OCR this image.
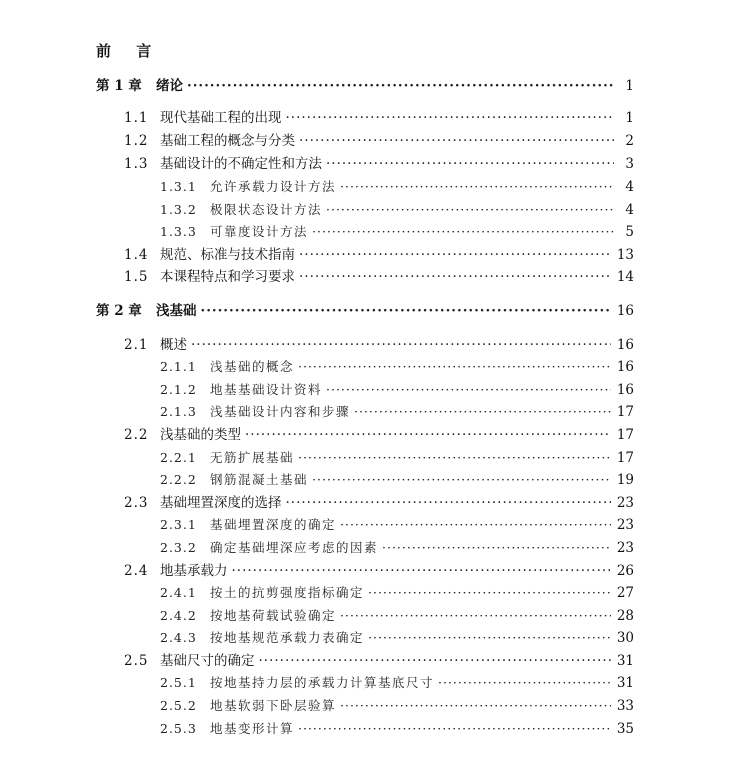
前 言
第 1 章	绪论 ·····	1
1.1 现代基础工程的出现 ·····	1
1.2 基础工程的概念与分类 ·····	2
1.3 基础设计的不确定性和方法 ·····	3
1.3.1	允许承载力设计方法 ·····	4
1.3.2	极限状态设计方法 ·····	4
1.3.3	可靠度设计方法 ·····	5
1.4 规范、标准与技术指南 ·····	13
1.5 本课程特点和学习要求 ·····	14
第 2 章	浅基础 ·····	16
2.1 概述 ·····	16
2.1.1	浅基础的概念 ·····	16
2.1.2	地基基础设计资料 ·····	16
2.1.3	浅基础设计内容和步骤 ·····	17
2.2 浅基础的类型 ·····	17
2.2.1	无筋扩展基础 ·····	17
2.2.2	钢筋混凝土基础 ·····	19
2.3 基础埋置深度的选择 ·····	23
2.3.1	基础埋置深度的确定 ·····	23
2.3.2	确定基础埋深应考虑的因素 ·····	23
2.4 地基承载力 ·····	26
2.4.1	按土的抗剪强度指标确定 ·····	27
2.4.2	按地基荷载试验确定 ·····	28
2.4.3	按地基规范承载力表确定 ·····	30
2.5 基础尺寸的确定 ·····	31
2.5.1	按地基持力层的承载力计算基底尺寸 ·····	31
2.5.2	地基软弱下卧层验算 ·····	33
2.5.3	地基变形计算 ·····	35
